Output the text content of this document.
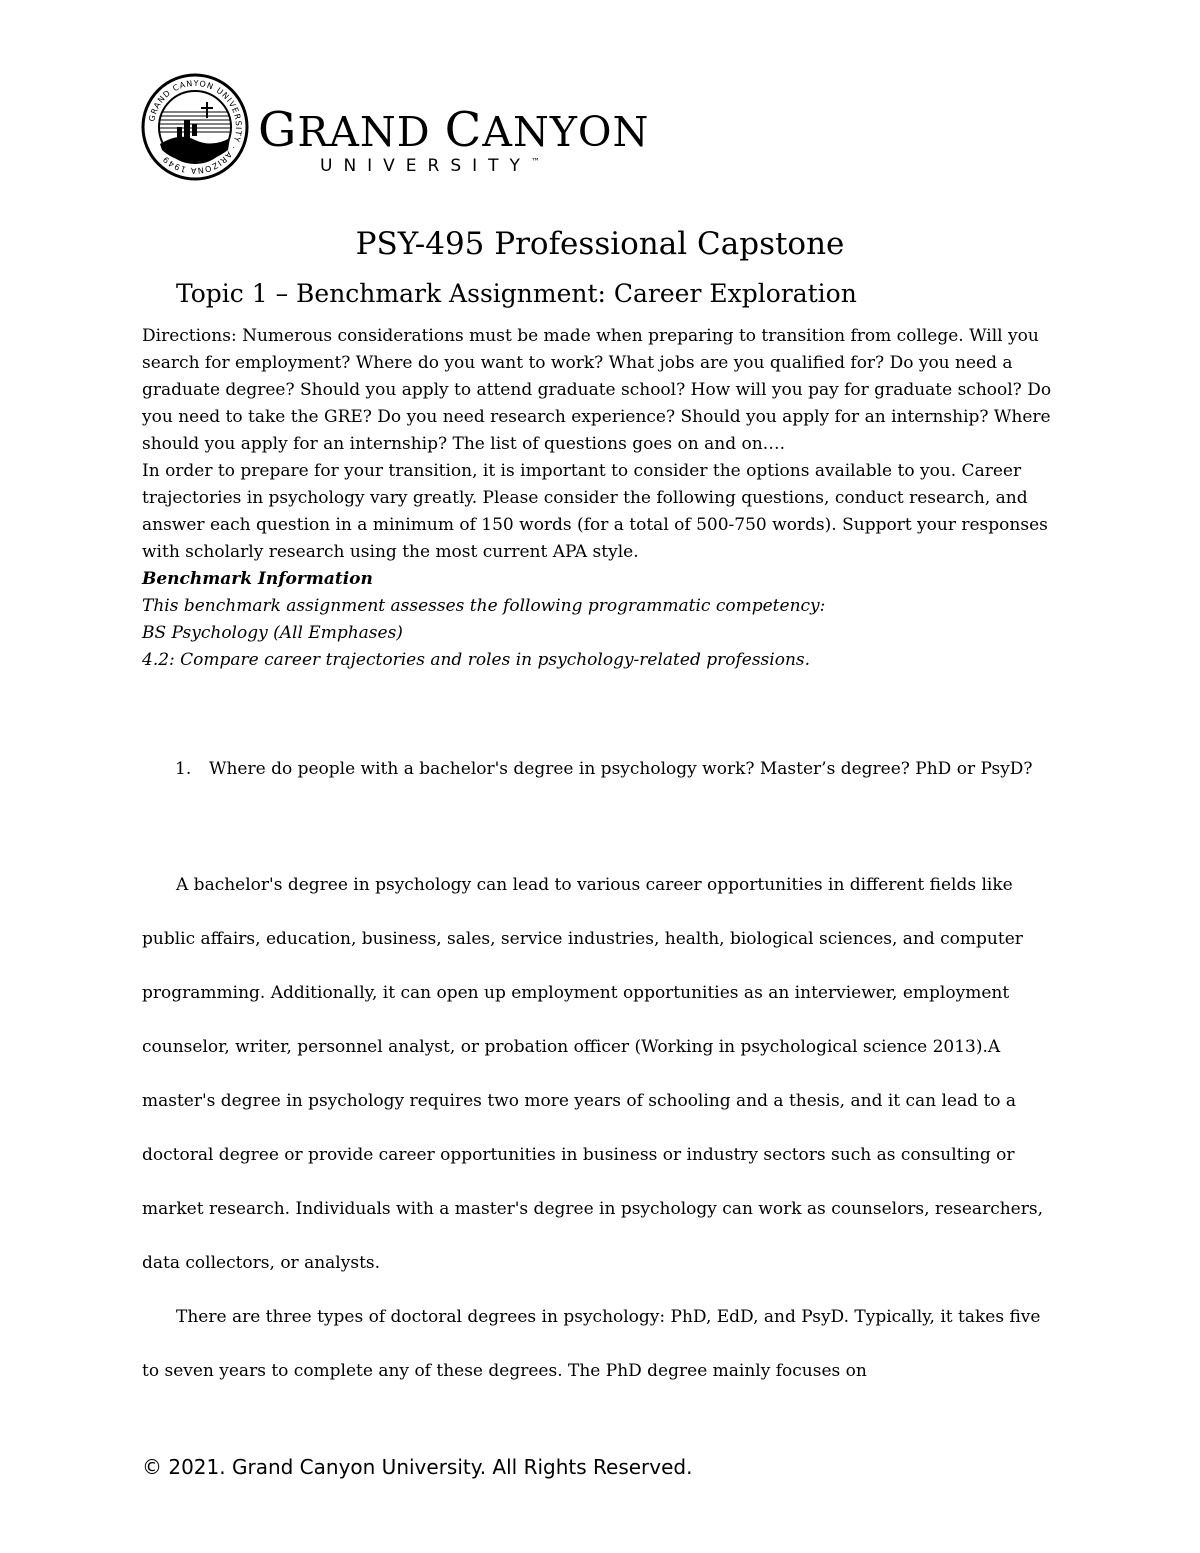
GRAND CANYON UNIVERSITY · ARIZONA 1949
GRAND CANYON
UNIVERSITY™
PSY-495 Professional Capstone
Topic 1 – Benchmark Assignment: Career Exploration

Directions: Numerous considerations must be made when preparing to transition from college. Will you search for employment? Where do you want to work? What jobs are you qualified for? Do you need a graduate degree? Should you apply to attend graduate school? How will you pay for graduate school? Do you need to take the GRE? Do you need research experience? Should you apply for an internship? Where should you apply for an internship? The list of questions goes on and on….

In order to prepare for your transition, it is important to consider the options available to you. Career trajectories in psychology vary greatly. Please consider the following questions, conduct research, and answer each question in a minimum of 150 words (for a total of 500-750 words). Support your responses with scholarly research using the most current APA style.

Benchmark Information

This benchmark assignment assesses the following programmatic competency:

BS Psychology (All Emphases)

4.2: Compare career trajectories and roles in psychology-related professions.

1.	Where do people with a bachelor's degree in psychology work? Master’s degree? PhD or PsyD?

A bachelor's degree in psychology can lead to various career opportunities in different fields like public affairs, education, business, sales, service industries, health, biological sciences, and computer programming. Additionally, it can open up employment opportunities as an interviewer, employment counselor, writer, personnel analyst, or probation officer (Working in psychological science 2013).A master's degree in psychology requires two more years of schooling and a thesis, and it can lead to a doctoral degree or provide career opportunities in business or industry sectors such as consulting or market research. Individuals with a master's degree in psychology can work as counselors, researchers, data collectors, or analysts.

There are three types of doctoral degrees in psychology: PhD, EdD, and PsyD. Typically, it takes five to seven years to complete any of these degrees. The PhD degree mainly focuses on

© 2021. Grand Canyon University. All Rights Reserved.
